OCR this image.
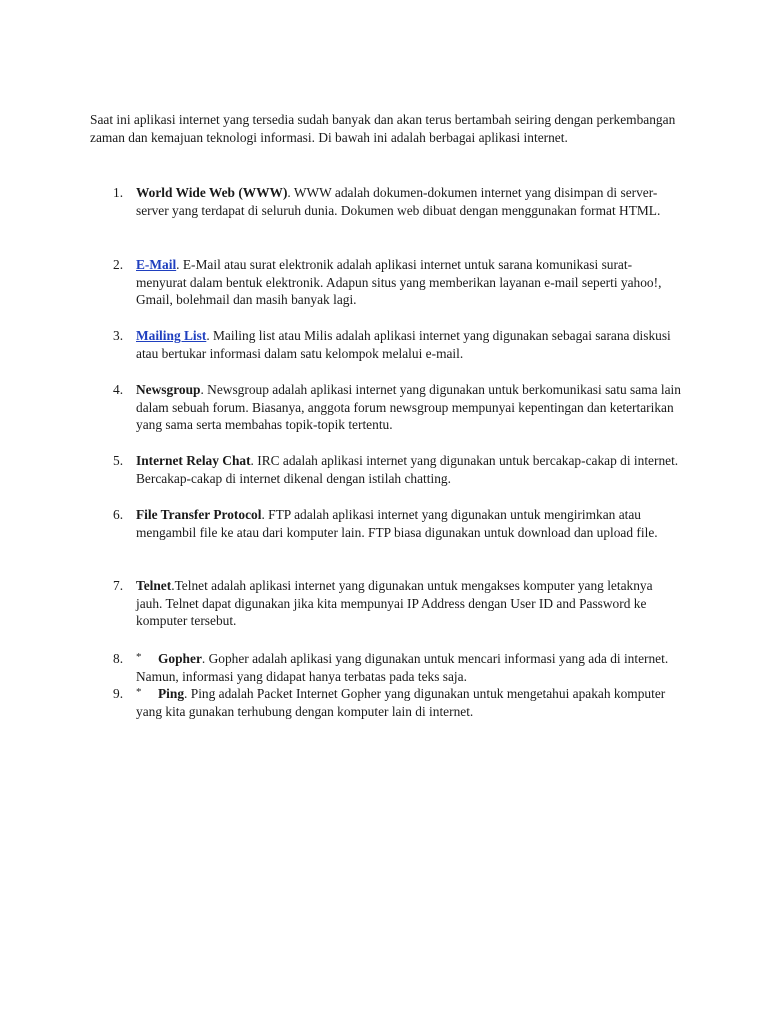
Saat ini aplikasi internet yang tersedia sudah banyak dan akan terus bertambah seiring dengan perkembangan zaman dan kemajuan teknologi informasi. Di bawah ini adalah berbagai aplikasi internet.
1. World Wide Web (WWW). WWW adalah dokumen-dokumen internet yang disimpan di server-server yang terdapat di seluruh dunia. Dokumen web dibuat dengan menggunakan format HTML.
2. E-Mail. E-Mail atau surat elektronik adalah aplikasi internet untuk sarana komunikasi surat-menyurat dalam bentuk elektronik. Adapun situs yang memberikan layanan e-mail seperti yahoo!, Gmail, bolehmail dan masih banyak lagi.
3. Mailing List. Mailing list atau Milis adalah aplikasi internet yang digunakan sebagai sarana diskusi atau bertukar informasi dalam satu kelompok melalui e-mail.
4. Newsgroup. Newsgroup adalah aplikasi internet yang digunakan untuk berkomunikasi satu sama lain dalam sebuah forum. Biasanya, anggota forum newsgroup mempunyai kepentingan dan ketertarikan yang sama serta membahas topik-topik tertentu.
5. Internet Relay Chat. IRC adalah aplikasi internet yang digunakan untuk bercakap-cakap di internet. Bercakap-cakap di internet dikenal dengan istilah chatting.
6. File Transfer Protocol. FTP adalah aplikasi internet yang digunakan untuk mengirimkan atau mengambil file ke atau dari komputer lain. FTP biasa digunakan untuk download dan upload file.
7. Telnet.Telnet adalah aplikasi internet yang digunakan untuk mengakses komputer yang letaknya jauh. Telnet dapat digunakan jika kita mempunyai IP Address dengan User ID and Password ke komputer tersebut.
8.	* Gopher. Gopher adalah aplikasi yang digunakan untuk mencari informasi yang ada di internet. Namun, informasi yang didapat hanya terbatas pada teks saja.
9.	* Ping. Ping adalah Packet Internet Gopher yang digunakan untuk mengetahui apakah komputer yang kita gunakan terhubung dengan komputer lain di internet.
